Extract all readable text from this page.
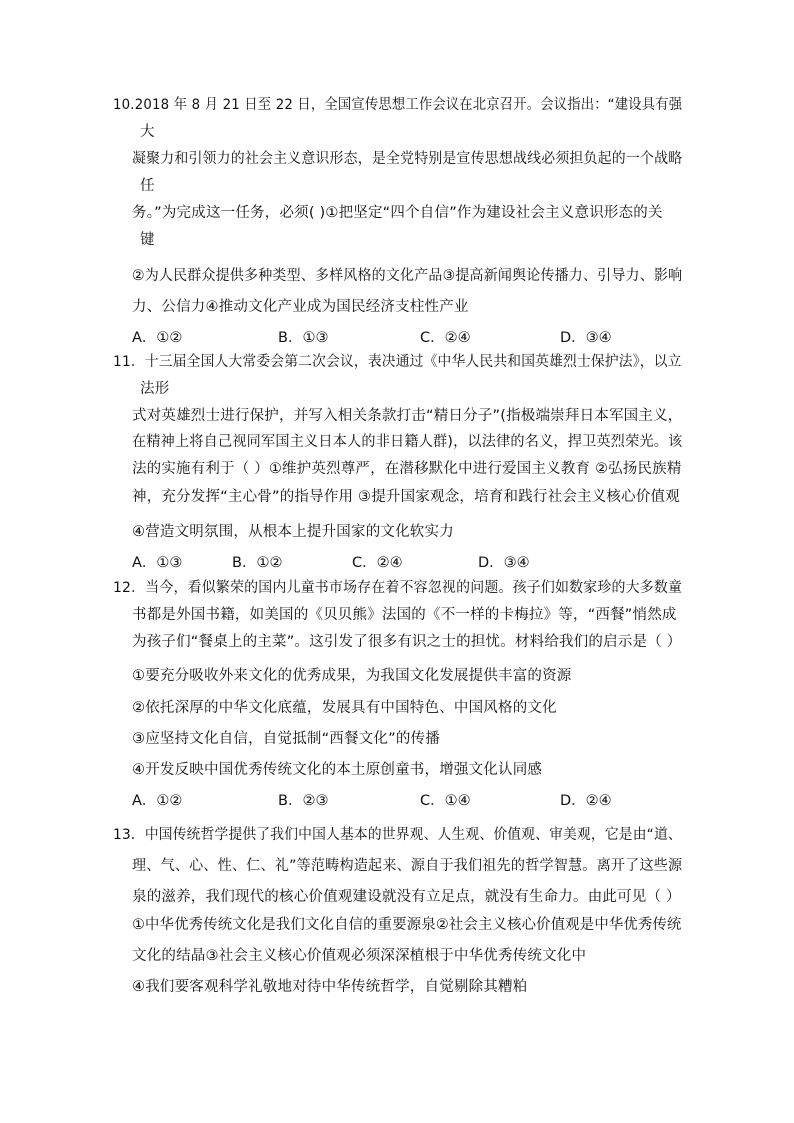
10.2018 年 8 月 21 日至 22 日，全国宣传思想工作会议在北京召开。会议指出：“建设具有强
大
凝聚力和引领力的社会主义意识形态，是全党特别是宣传思想战线必须担负起的一个战略
任
务。”为完成这一任务，必须( )①把坚定“四个自信”作为建设社会主义意识形态的关
键
②为人民群众提供多种类型、多样风格的文化产品③提高新闻舆论传播力、引导力、影响
力、公信力④推动文化产业成为国民经济支柱性产业
A．①②	B．①③	C．②④	D．③④
11．十三届全国人大常委会第二次会议，表决通过《中华人民共和国英雄烈士保护法》，以立
法形
式对英雄烈士进行保护，并写入相关条款打击“精日分子”(指极端崇拜日本军国主义，
在精神上将自己视同军国主义日本人的非日籍人群)，以法律的名义，捍卫英烈荣光。该
法的实施有利于（ ）①维护英烈尊严，在潜移默化中进行爱国主义教育 ②弘扬民族精
神，充分发挥“主心骨”的指导作用 ③提升国家观念，培育和践行社会主义核心价值观
④营造文明氛围，从根本上提升国家的文化软实力
A．①③	B．①②	C．②④	D．③④
12．当今，看似繁荣的国内儿童书市场存在着不容忽视的问题。孩子们如数家珍的大多数童
书都是外国书籍，如美国的《贝贝熊》法国的《不一样的卡梅拉》等，“西餐”悄然成
为孩子们“餐桌上的主菜”。这引发了很多有识之士的担忧。材料给我们的启示是（ ）
①要充分吸收外来文化的优秀成果，为我国文化发展提供丰富的资源
②依托深厚的中华文化底蕴，发展具有中国特色、中国风格的文化
③应坚持文化自信，自觉抵制“西餐文化”的传播
④开发反映中国优秀传统文化的本土原创童书，增强文化认同感
A．①②	B．②③	C．①④	D．②④
13．中国传统哲学提供了我们中国人基本的世界观、人生观、价值观、审美观，它是由“道、
理、气、心、性、仁、礼”等范畴构造起来、源自于我们祖先的哲学智慧。离开了这些源
泉的滋养，我们现代的核心价值观建设就没有立足点，就没有生命力。由此可见（ ）
①中华优秀传统文化是我们文化自信的重要源泉②社会主义核心价值观是中华优秀传统
文化的结晶③社会主义核心价值观必须深深植根于中华优秀传统文化中
④我们要客观科学礼敬地对待中华传统哲学，自觉剔除其糟粕
